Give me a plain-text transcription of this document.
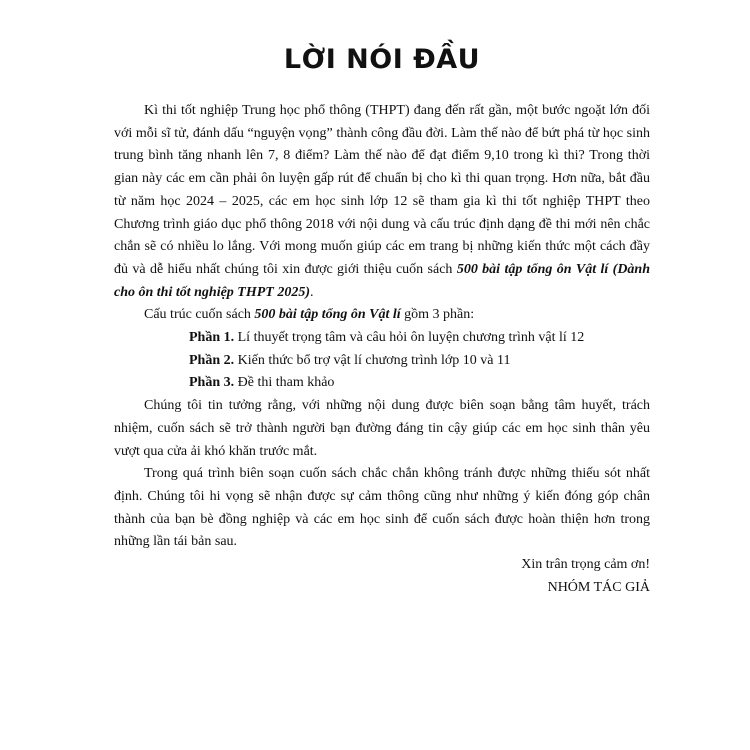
LỜI NÓI ĐẦU

Kì thi tốt nghiệp Trung học phổ thông (THPT) đang đến rất gần, một bước ngoặt lớn đối với mỗi sĩ tử, đánh dấu “nguyện vọng” thành công đầu đời. Làm thế nào để bứt phá từ học sinh trung bình tăng nhanh lên 7, 8 điểm? Làm thế nào để đạt điểm 9,10 trong kì thi? Trong thời gian này các em cần phải ôn luyện gấp rút để chuẩn bị cho kì thi quan trọng. Hơn nữa, bắt đầu từ năm học 2024 – 2025, các em học sinh lớp 12 sẽ tham gia kì thi tốt nghiệp THPT theo Chương trình giáo dục phổ thông 2018 với nội dung và cấu trúc định dạng đề thi mới nên chắc chắn sẽ có nhiều lo lắng. Với mong muốn giúp các em trang bị những kiến thức một cách đầy đủ và dễ hiểu nhất chúng tôi xin được giới thiệu cuốn sách 500 bài tập tổng ôn Vật lí (Dành cho ôn thi tốt nghiệp THPT 2025).

Cấu trúc cuốn sách 500 bài tập tổng ôn Vật lí gồm 3 phần:

Phần 1. Lí thuyết trọng tâm và câu hỏi ôn luyện chương trình vật lí 12

Phần 2. Kiến thức bổ trợ vật lí chương trình lớp 10 và 11

Phần 3. Đề thi tham khảo

Chúng tôi tin tưởng rằng, với những nội dung được biên soạn bằng tâm huyết, trách nhiệm, cuốn sách sẽ trở thành người bạn đường đáng tin cậy giúp các em học sinh thân yêu vượt qua cửa ải khó khăn trước mắt.

Trong quá trình biên soạn cuốn sách chắc chắn không tránh được những thiếu sót nhất định. Chúng tôi hi vọng sẽ nhận được sự cảm thông cũng như những ý kiến đóng góp chân thành của bạn bè đồng nghiệp và các em học sinh để cuốn sách được hoàn thiện hơn trong những lần tái bản sau.

Xin trân trọng cảm ơn!

NHÓM TÁC GIẢ
